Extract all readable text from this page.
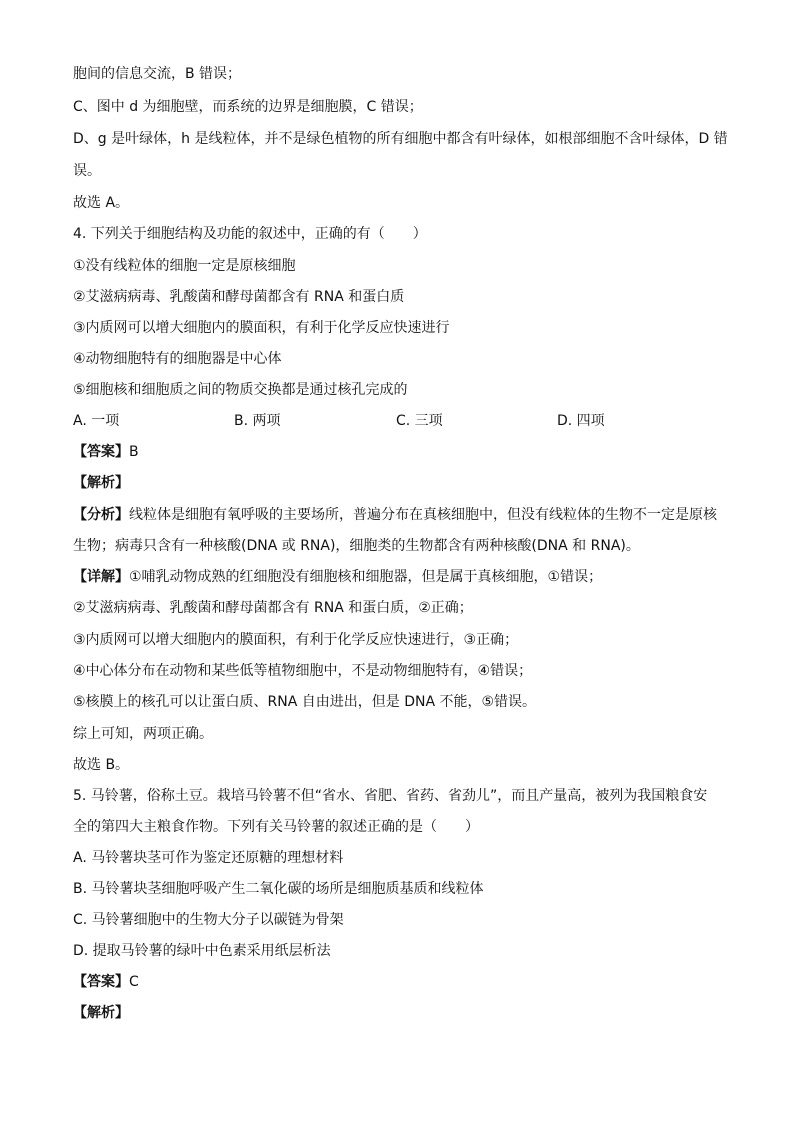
胞间的信息交流，B 错误；
C、图中 d 为细胞壁，而系统的边界是细胞膜，C 错误；
D、g 是叶绿体，h 是线粒体，并不是绿色植物的所有细胞中都含有叶绿体，如根部细胞不含叶绿体，D 错
误。
故选 A。
4. 下列关于细胞结构及功能的叙述中，正确的有（　　）
①没有线粒体的细胞一定是原核细胞
②艾滋病病毒、乳酸菌和酵母菌都含有 RNA 和蛋白质
③内质网可以增大细胞内的膜面积，有利于化学反应快速进行
④动物细胞特有的细胞器是中心体
⑤细胞核和细胞质之间的物质交换都是通过核孔完成的
A. 一项	B. 两项	C. 三项	D. 四项
【答案】B
【解析】
【分析】线粒体是细胞有氧呼吸的主要场所，普遍分布在真核细胞中，但没有线粒体的生物不一定是原核
生物；病毒只含有一种核酸(DNA 或 RNA)，细胞类的生物都含有两种核酸(DNA 和 RNA)。
【详解】①哺乳动物成熟的红细胞没有细胞核和细胞器，但是属于真核细胞，①错误；
②艾滋病病毒、乳酸菌和酵母菌都含有 RNA 和蛋白质，②正确；
③内质网可以增大细胞内的膜面积，有利于化学反应快速进行，③正确；
④中心体分布在动物和某些低等植物细胞中，不是动物细胞特有，④错误；
⑤核膜上的核孔可以让蛋白质、RNA 自由进出，但是 DNA 不能，⑤错误。
综上可知，两项正确。
故选 B。
5. 马铃薯，俗称土豆。栽培马铃薯不但“省水、省肥、省药、省劲儿”，而且产量高，被列为我国粮食安
全的第四大主粮食作物。下列有关马铃薯的叙述正确的是（　　）
A. 马铃薯块茎可作为鉴定还原糖的理想材料
B. 马铃薯块茎细胞呼吸产生二氧化碳的场所是细胞质基质和线粒体
C. 马铃薯细胞中的生物大分子以碳链为骨架
D. 提取马铃薯的绿叶中色素采用纸层析法
【答案】C
【解析】
